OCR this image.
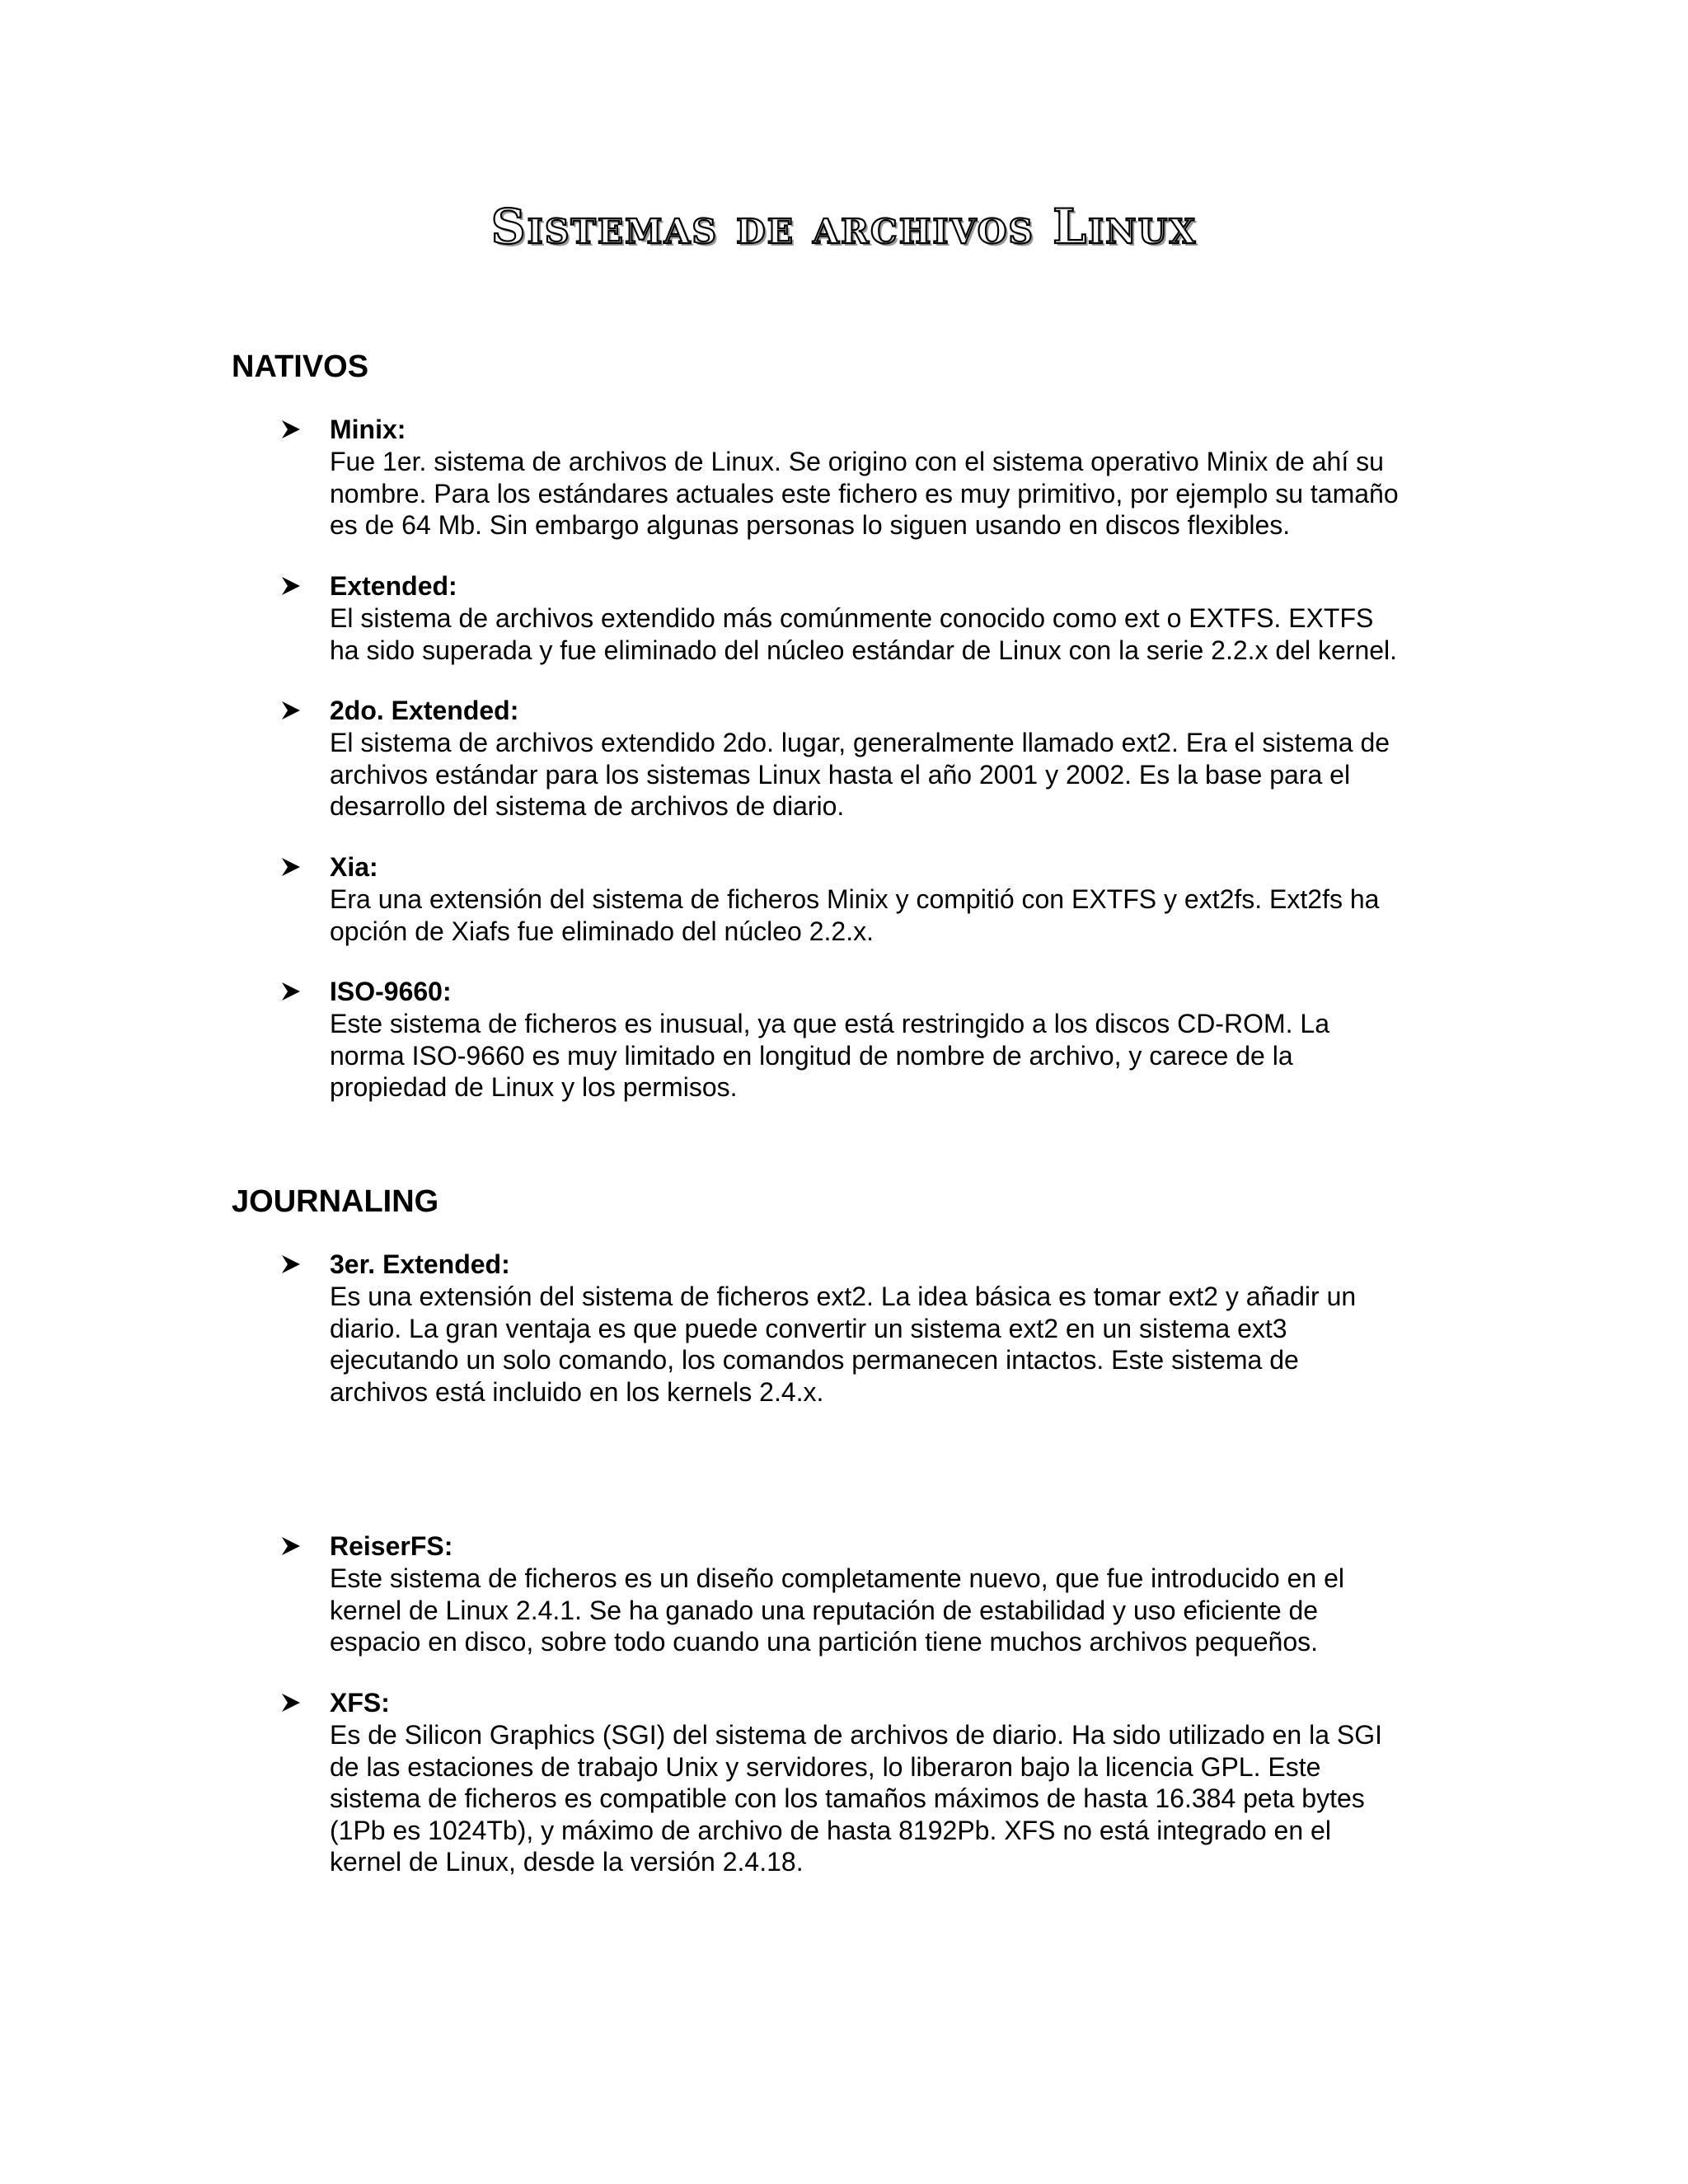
Sistemas de archivos Linux
NATIVOS
Minix:
Fue 1er. sistema de archivos de Linux. Se origino con el sistema operativo Minix de ahí su
nombre. Para los estándares actuales este fichero es muy primitivo, por ejemplo su tamaño
es de 64 Mb. Sin embargo algunas personas lo siguen usando en discos flexibles.
Extended:
El sistema de archivos extendido más comúnmente conocido como ext o EXTFS. EXTFS
ha sido superada y fue eliminado del núcleo estándar de Linux con la serie 2.2.x del kernel.
2do. Extended:
El sistema de archivos extendido 2do. lugar, generalmente llamado ext2. Era el sistema de
archivos estándar para los sistemas Linux hasta el año 2001 y 2002. Es la base para el
desarrollo del sistema de archivos de diario.
Xia:
Era una extensión del sistema de ficheros Minix y compitió con EXTFS y ext2fs. Ext2fs ha
opción de Xiafs fue eliminado del núcleo 2.2.x.
ISO-9660:
Este sistema de ficheros es inusual, ya que está restringido a los discos CD-ROM. La
norma ISO-9660 es muy limitado en longitud de nombre de archivo, y carece de la
propiedad de Linux y los permisos.
JOURNALING
3er. Extended:
Es una extensión del sistema de ficheros ext2. La idea básica es tomar ext2 y añadir un
diario. La gran ventaja es que puede convertir un sistema ext2 en un sistema ext3
ejecutando un solo comando, los comandos permanecen intactos. Este sistema de
archivos está incluido en los kernels 2.4.x.
ReiserFS:
Este sistema de ficheros es un diseño completamente nuevo, que fue introducido en el
kernel de Linux 2.4.1. Se ha ganado una reputación de estabilidad y uso eficiente de
espacio en disco, sobre todo cuando una partición tiene muchos archivos pequeños.
XFS:
Es de Silicon Graphics (SGI) del sistema de archivos de diario. Ha sido utilizado en la SGI
de las estaciones de trabajo Unix y servidores, lo liberaron bajo la licencia GPL. Este
sistema de ficheros es compatible con los tamaños máximos de hasta 16.384 peta bytes
(1Pb es 1024Tb), y máximo de archivo de hasta 8192Pb. XFS no está integrado en el
kernel de Linux, desde la versión 2.4.18.
